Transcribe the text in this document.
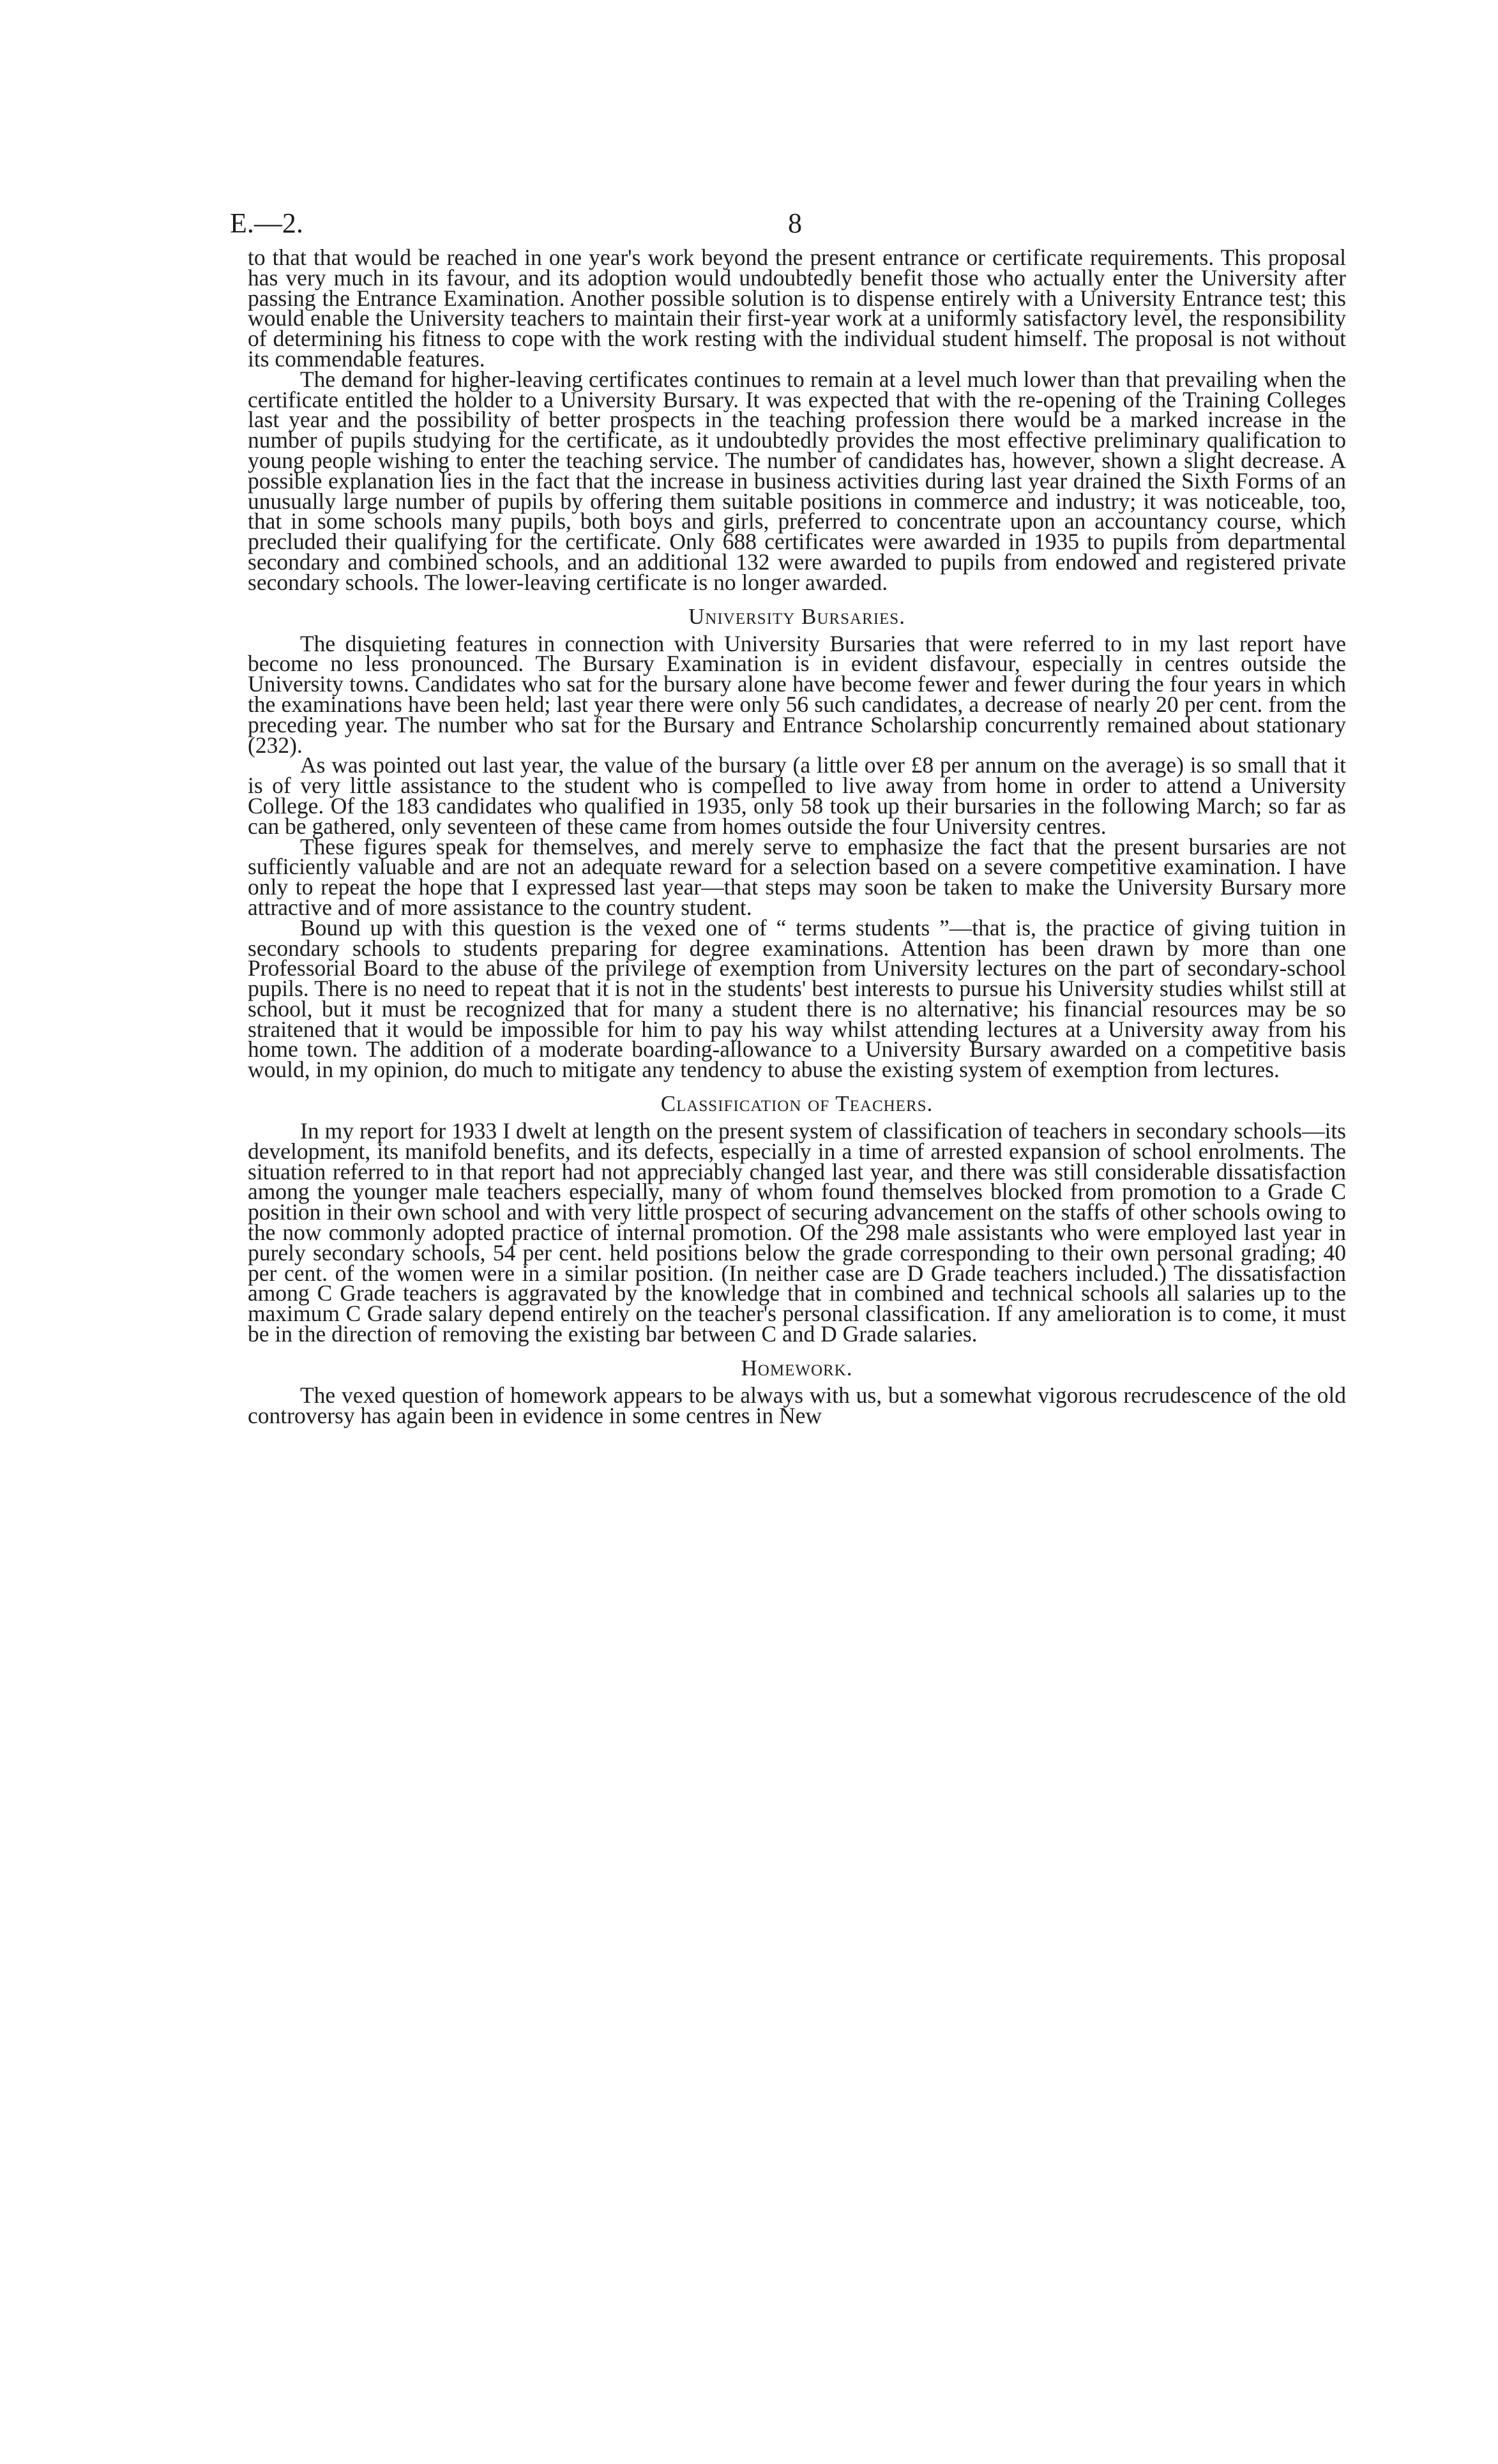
E.—2.	8

to that that would be reached in one year's work beyond the present entrance or certificate requirements. This proposal has very much in its favour, and its adoption would undoubtedly benefit those who actually enter the University after passing the Entrance Examination. Another possible solution is to dispense entirely with a University Entrance test; this would enable the University teachers to maintain their first-year work at a uniformly satisfactory level, the responsibility of determining his fitness to cope with the work resting with the individual student himself. The proposal is not without its commendable features.

The demand for higher-leaving certificates continues to remain at a level much lower than that prevailing when the certificate entitled the holder to a University Bursary. It was expected that with the re-opening of the Training Colleges last year and the possibility of better prospects in the teaching profession there would be a marked increase in the number of pupils studying for the certificate, as it undoubtedly provides the most effective preliminary qualification to young people wishing to enter the teaching service. The number of candidates has, however, shown a slight decrease. A possible explanation lies in the fact that the increase in business activities during last year drained the Sixth Forms of an unusually large number of pupils by offering them suitable positions in commerce and industry; it was noticeable, too, that in some schools many pupils, both boys and girls, preferred to concentrate upon an accountancy course, which precluded their qualifying for the certificate. Only 688 certificates were awarded in 1935 to pupils from departmental secondary and combined schools, and an additional 132 were awarded to pupils from endowed and registered private secondary schools. The lower-leaving certificate is no longer awarded.

University Bursaries.

The disquieting features in connection with University Bursaries that were referred to in my last report have become no less pronounced. The Bursary Examination is in evident disfavour, especially in centres outside the University towns. Candidates who sat for the bursary alone have become fewer and fewer during the four years in which the examinations have been held; last year there were only 56 such candidates, a decrease of nearly 20 per cent. from the preceding year. The number who sat for the Bursary and Entrance Scholarship concurrently remained about stationary (232).

As was pointed out last year, the value of the bursary (a little over £8 per annum on the average) is so small that it is of very little assistance to the student who is compelled to live away from home in order to attend a University College. Of the 183 candidates who qualified in 1935, only 58 took up their bursaries in the following March; so far as can be gathered, only seventeen of these came from homes outside the four University centres.

These figures speak for themselves, and merely serve to emphasize the fact that the present bursaries are not sufficiently valuable and are not an adequate reward for a selection based on a severe competitive examination. I have only to repeat the hope that I expressed last year—that steps may soon be taken to make the University Bursary more attractive and of more assistance to the country student.

Bound up with this question is the vexed one of “ terms students ”—that is, the practice of giving tuition in secondary schools to students preparing for degree examinations. Attention has been drawn by more than one Professorial Board to the abuse of the privilege of exemption from University lectures on the part of secondary-school pupils. There is no need to repeat that it is not in the students' best interests to pursue his University studies whilst still at school, but it must be recognized that for many a student there is no alternative; his financial resources may be so straitened that it would be impossible for him to pay his way whilst attending lectures at a University away from his home town. The addition of a moderate boarding-allowance to a University Bursary awarded on a competitive basis would, in my opinion, do much to mitigate any tendency to abuse the existing system of exemption from lectures.

Classification of Teachers.

In my report for 1933 I dwelt at length on the present system of classification of teachers in secondary schools—its development, its manifold benefits, and its defects, especially in a time of arrested expansion of school enrolments. The situation referred to in that report had not appreciably changed last year, and there was still considerable dissatisfaction among the younger male teachers especially, many of whom found themselves blocked from promotion to a Grade C position in their own school and with very little prospect of securing advancement on the staffs of other schools owing to the now commonly adopted practice of internal promotion. Of the 298 male assistants who were employed last year in purely secondary schools, 54 per cent. held positions below the grade corresponding to their own personal grading; 40 per cent. of the women were in a similar position. (In neither case are D Grade teachers included.) The dissatisfaction among C Grade teachers is aggravated by the knowledge that in combined and technical schools all salaries up to the maximum C Grade salary depend entirely on the teacher's personal classification. If any amelioration is to come, it must be in the direction of removing the existing bar between C and D Grade salaries.

Homework.

The vexed question of homework appears to be always with us, but a somewhat vigorous recrudescence of the old controversy has again been in evidence in some centres in New
